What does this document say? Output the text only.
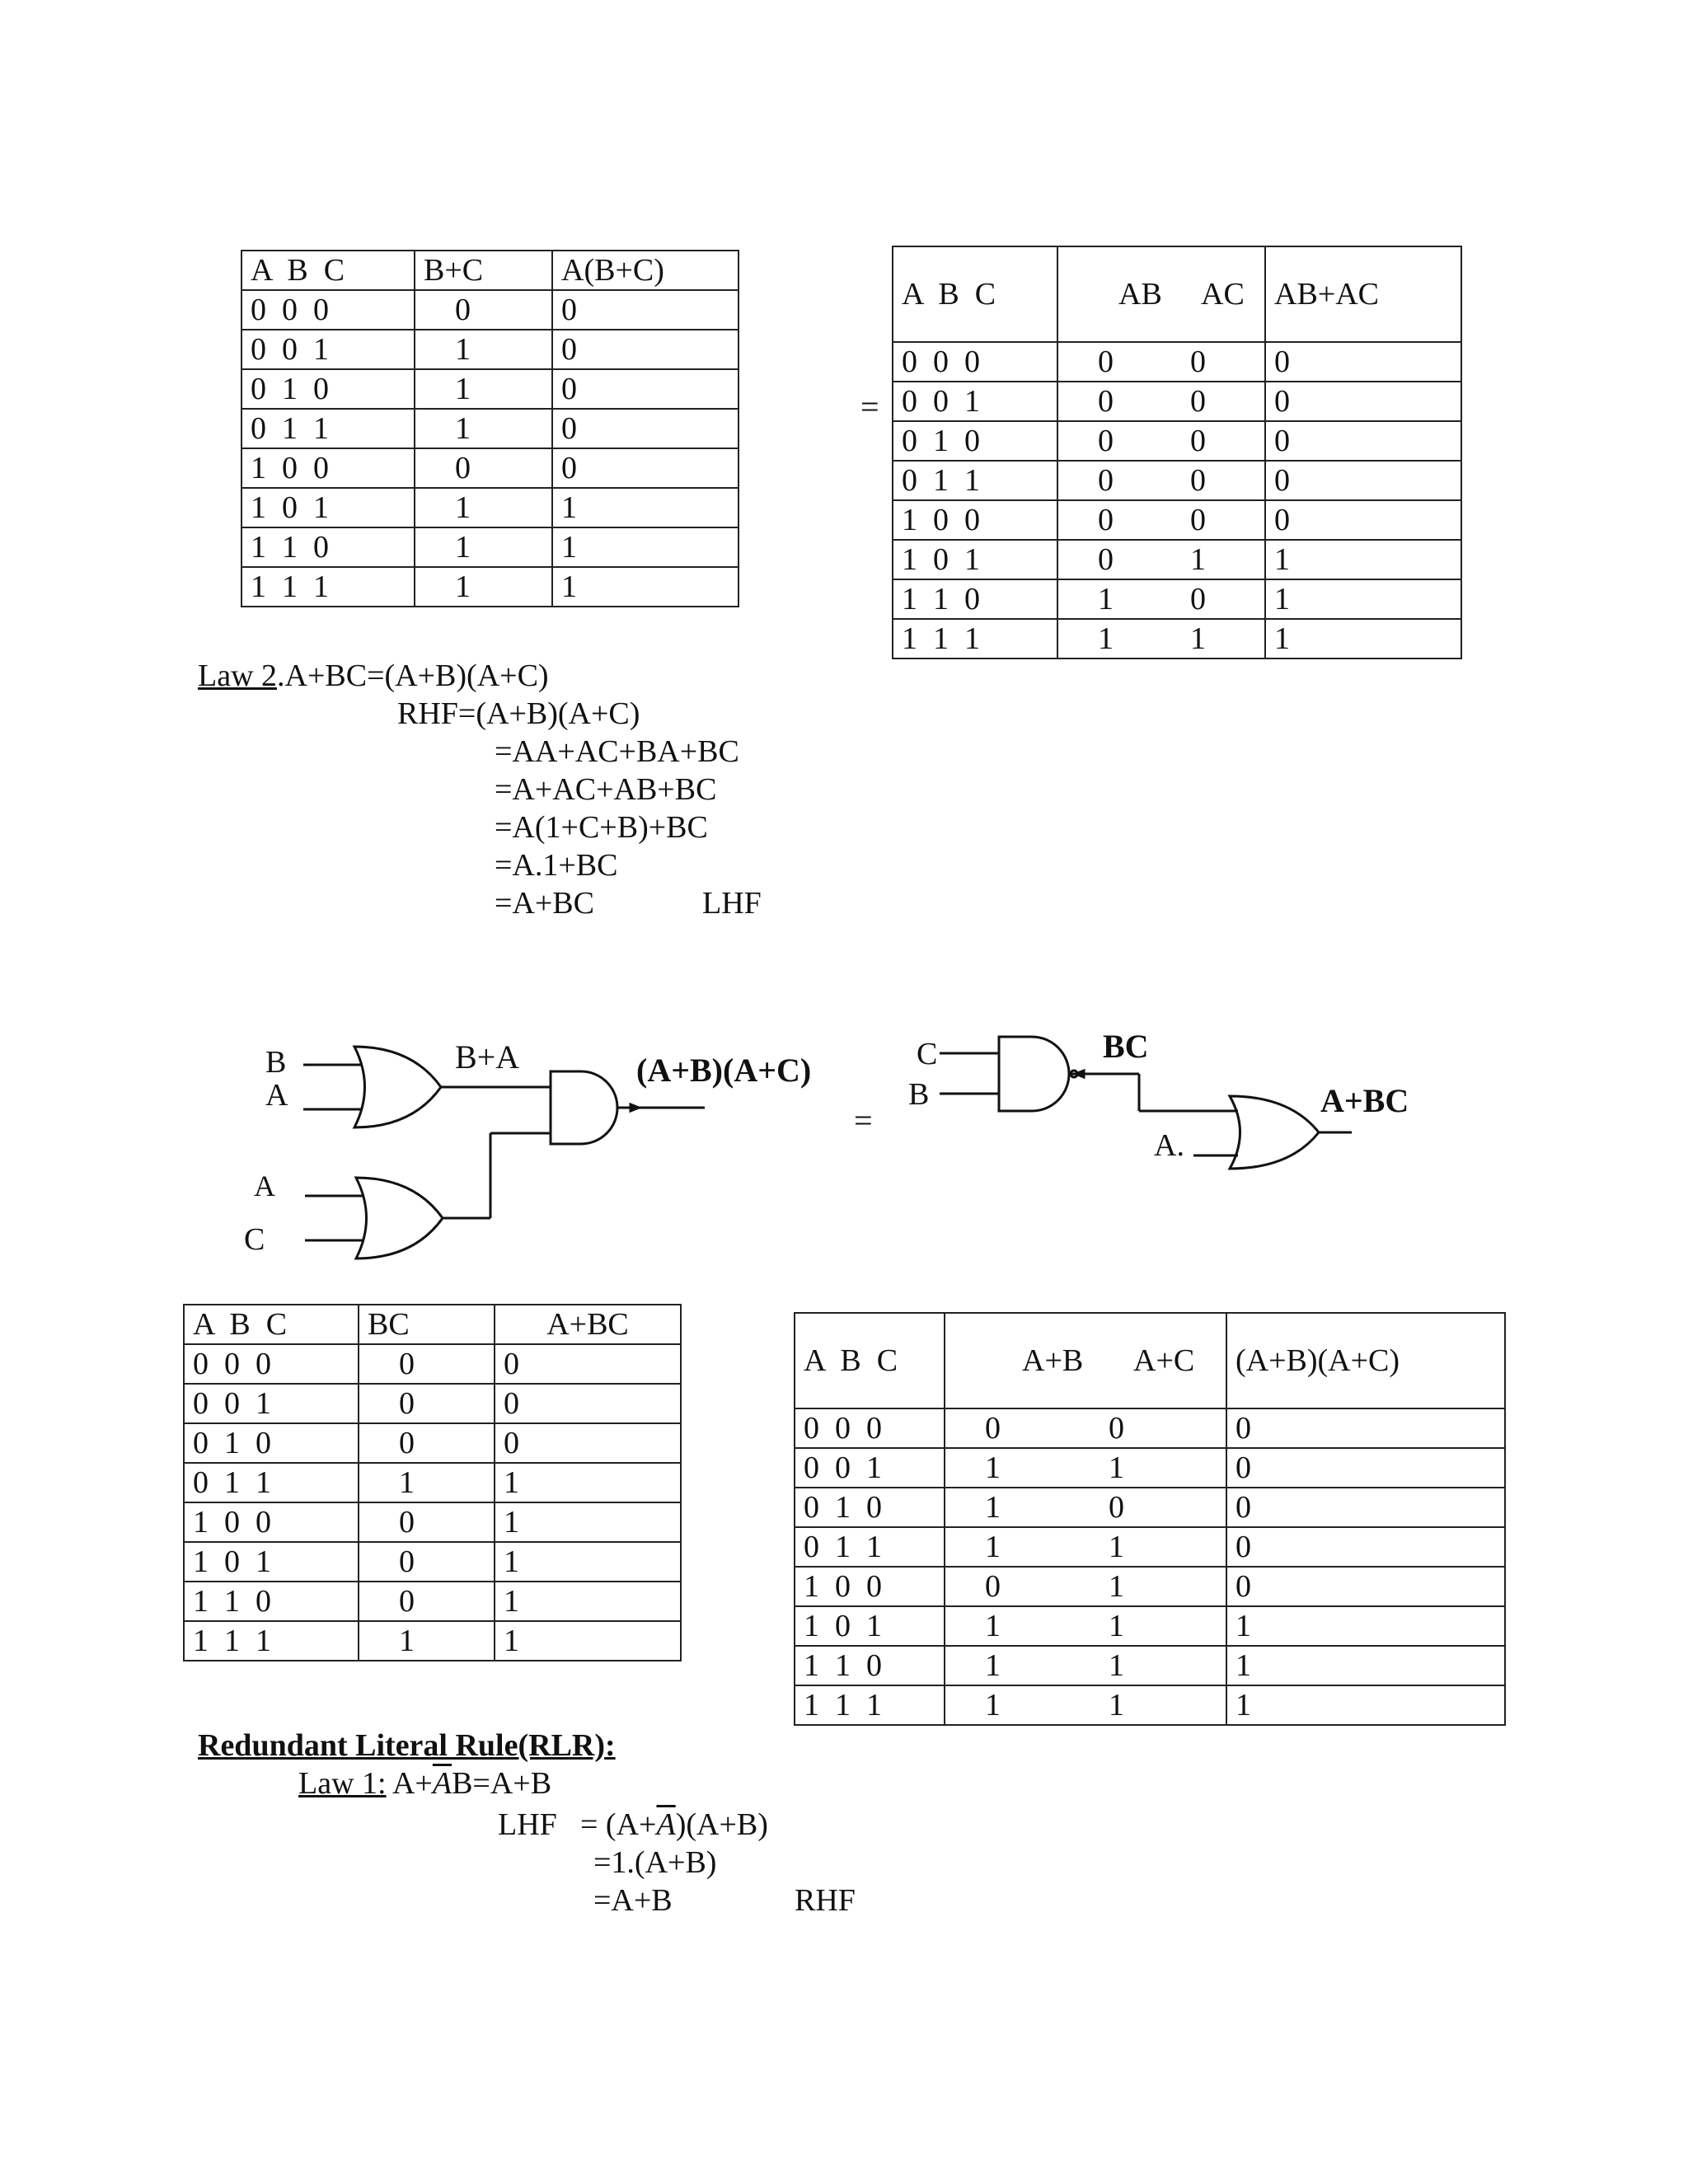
A  B  C	B+C	A(B+C)
0  0  0	0	0
0  0  1	1	0
0  1  0	1	0
0  1  1	1	0
1  0  0	0	0
1  0  1	1	1
1  1  0	1	1
1  1  1	1	1
=
A  B  C	AB AC	AB+AC
0  0  0	0 0	0
0  0  1	0 0	0
0  1  0	0 0	0
0  1  1	0 0	0
1  0  0	0 0	0
1  0  1	0 1	1
1  1  0	1 0	1
1  1  1	1 1	1
Law 2.A+BC=(A+B)(A+C)
RHF=(A+B)(A+C)
=AA+AC+BA+BC
=A+AC+AB+BC
=A(1+C+B)+BC
=A.1+BC
=A+BC	LHF
B
A
A
C
B+A	(A+B)(A+C)
=
C
B
A.
BC
A+BC
A  B  C	BC	A+BC
0  0  0	0	0
0  0  1	0	0
0  1  0	0	0
0  1  1	1	1
1  0  0	0	1
1  0  1	0	1
1  1  0	0	1
1  1  1	1	1
A  B  C	A+B A+C	(A+B)(A+C)
0  0  0	0 0	0
0  0  1	1 1	0
0  1  0	1 0	0
0  1  1	1 1	0
1  0  0	0 1	0
1  0  1	1 1	1
1  1  0	1 1	1
1  1  1	1 1	1
Redundant Literal Rule(RLR):
Law 1: $A+\overline{A}B=A+B$
LHF = $(A+\overline{A})(A+B)$
=1.(A+B)
=A+B	RHF
